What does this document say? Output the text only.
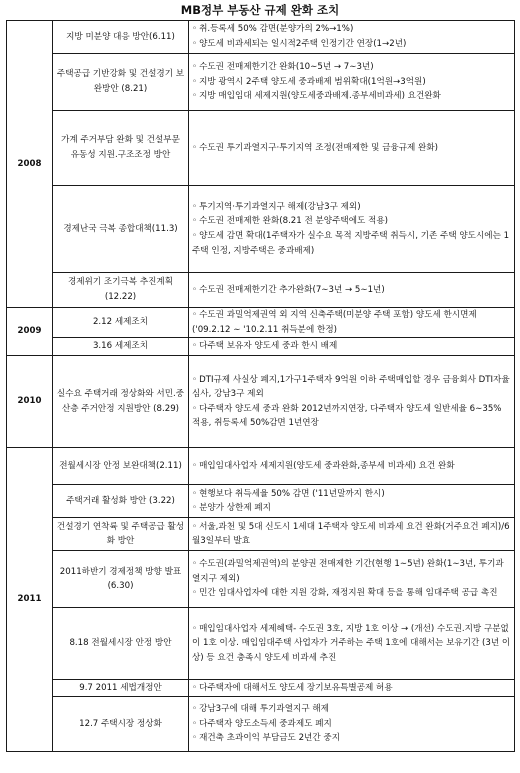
MB정부 부동산 규제 완화 조치
2008	지방 미분양 대응 방안(6.11)	◦ 취.등록세 50% 감면(분양가의 2%→1%)
◦ 양도세 비과세되는 일시적2주택 인정기간 연장(1→2년)

	주택공급 기반강화 및 건설경기 보완방안 (8.21)	◦ 수도권 전매제한기간 완화(10∼5년 → 7∼3년)
◦ 지방 광역시 2주택 양도세 중과배제 범위확대(1억원→3억원)
◦ 지방 매입임대 세제지원(양도세중과배제.종부세비과세) 요건완화

	가계 주거부담 완화 및 건설부문 유동성 지원.구조조정 방안	◦ 수도권 투기과열지구·투기지역 조정(전매제한 및 금융규제 완화)

	경제난국 극복 종합대책(11.3)	◦ 투기지역·투기과열지구 해제(강남3구 제외)
◦ 수도권 전매제한 완화(8.21 전 분양주택에도 적용)
◦ 양도세 감면 확대(1주택자가 실수요 목적 지방주택 취득시, 기존 주택 양도시에는 1주택 인정, 지방주택은 중과배제)

	경제위기 조기극복 추진계획(12.22)	◦ 수도권 전매제한기간 추가완화(7∼3년 → 5∼1년)

2009	2.12 세제조치	◦ 수도권 과밀억제권역 외 지역 신축주택(미분양 주택 포함) 양도세 한시면제('09.2.12 ∼ '10.2.11 취득분에 한정)

	3.16 세제조치	◦ 다주택 보유자 양도세 중과 한시 배제

2010	실수요 주택거래 정상화와 서민.중산층 주거안정 지원방안 (8.29)	◦ DTI규제 사실상 폐지,1가구1주택자 9억원 이하 주택매입할 경우 금융회사 DTI자율심사, 강남3구 제외
◦ 다주택자 양도세 중과 완화 2012년까지연장, 다주택자 양도세 일반세율 6∼35% 적용, 취등록세 50%감면 1년연장

2011	전월세시장 안정 보완대책(2.11)	◦ 매입임대사업자 세제지원(양도세 중과완화,종부세 비과세) 요건 완화

	주택거래 활성화 방안 (3.22)	◦ 현행보다 취득세율 50% 감면 ('11년말까지 한시)
◦ 분양가 상한제 폐지

	건설경기 연착륙 및 주택공급 활성화 방안	◦ 서울,과천 및 5대 신도시 1세대 1주택자 양도세 비과세 요건 완화(거주요건 폐지)/6월3일부터 발효

	2011하반기 경제정책 방향 발표(6.30)	◦ 수도권(과밀억제권역)의 분양권 전매제한 기간(현행 1∼5년) 완화(1∼3년, 투기과열지구 제외)
◦ 민간 임대사업자에 대한 지원 강화, 재정지원 확대 등을 통해 임대주택 공급 촉진

	8.18 전월세시장 안정 방안	◦ 매입임대사업자 세제혜택- 수도권 3호, 지방 1호 이상 → (개선) 수도권.지방 구분없이 1호 이상. 매입임대주택 사업자가 거주하는 주택 1호에 대해서는 보유기간 (3년 이상) 등 요건 충족시 양도세 비과세 추진

	9.7 2011 세법개정안	◦ 다주택자에 대해서도 양도세 장기보유특별공제 허용

	12.7 주택시장 정상화	◦ 강남3구에 대해 투기과열지구 해제
◦ 다주택자 양도소득세 중과제도 폐지
◦ 재건축 초과이익 부담금도 2년간 중지
